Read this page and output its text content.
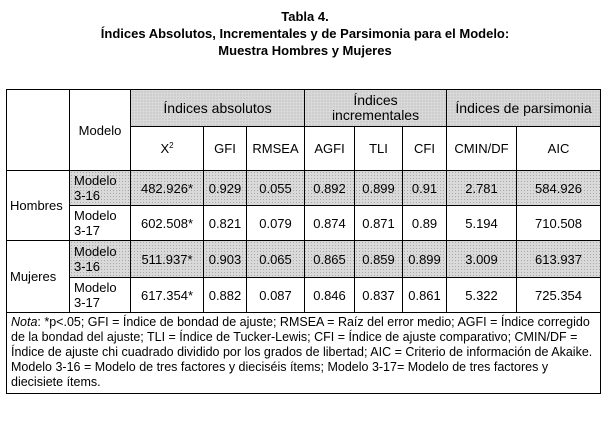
Tabla 4.
Índices Absolutos, Incrementales y de Parsimonia para el Modelo:
Muestra Hombres y Mujeres
	Modelo	Índices absolutos			Índices incrementales			Índices de parsimonia	
		$X^2$	GFI	RMSEA	AGFI	TLI	CFI	CMIN/DF	AIC
Hombres	Modelo 3-16	482.926*	0.929	0.055	0.892	0.899	0.91	2.781	584.926
	Modelo 3-17	602.508*	0.821	0.079	0.874	0.871	0.89	5.194	710.508
Mujeres	Modelo 3-16	511.937*	0.903	0.065	0.865	0.859	0.899	3.009	613.937
	Modelo 3-17	617.354*	0.882	0.087	0.846	0.837	0.861	5.322	725.354

Nota: *p<.05; GFI = Índice de bondad de ajuste; RMSEA = Raíz del error medio; AGFI = Índice corregido de la bondad del ajuste; TLI = Índice de Tucker-Lewis; CFI = Índice de ajuste comparativo; CMIN/DF = Índice de ajuste chi cuadrado dividido por los grados de libertad; AIC = Criterio de información de Akaike.
Modelo 3-16 = Modelo de tres factores y dieciséis ítems; Modelo 3-17= Modelo de tres factores y diecisiete ítems.									
